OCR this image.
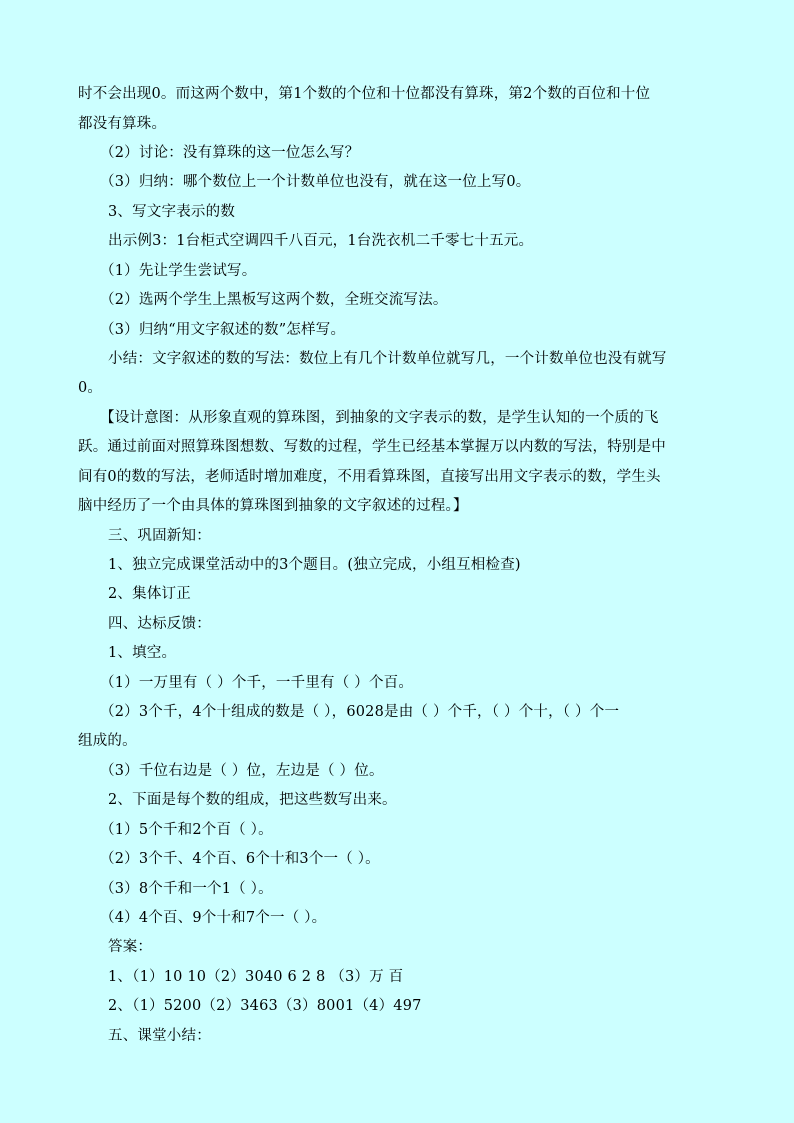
时不会出现0。而这两个数中，第1个数的个位和十位都没有算珠，第2个数的百位和十位
都没有算珠。
（2）讨论：没有算珠的这一位怎么写？
（3）归纳：哪个数位上一个计数单位也没有，就在这一位上写0。
3、写文字表示的数
出示例3：1台柜式空调四千八百元，1台洗衣机二千零七十五元。
（1）先让学生尝试写。
（2）选两个学生上黑板写这两个数，全班交流写法。
（3）归纳“用文字叙述的数”怎样写。
小结：文字叙述的数的写法：数位上有几个计数单位就写几，一个计数单位也没有就写
0。
【设计意图：从形象直观的算珠图，到抽象的文字表示的数，是学生认知的一个质的飞
跃。通过前面对照算珠图想数、写数的过程，学生已经基本掌握万以内数的写法，特别是中
间有0的数的写法，老师适时增加难度，不用看算珠图，直接写出用文字表示的数，学生头
脑中经历了一个由具体的算珠图到抽象的文字叙述的过程。】
三、巩固新知：
1、独立完成课堂活动中的3个题目。(独立完成，小组互相检查)
2、集体订正
四、达标反馈：
1、填空。
（1）一万里有（ ）个千，一千里有（ ）个百。
（2）3个千，4个十组成的数是（ ），6028是由（ ）个千，（ ）个十，（ ）个一
组成的。
（3）千位右边是（ ）位，左边是（ ）位。
2、下面是每个数的组成，把这些数写出来。
（1）5个千和2个百（ ）。
（2）3个千、4个百、6个十和3个一（ ）。
（3）8个千和一个1（ ）。
（4）4个百、9个十和7个一（ ）。
答案：
1、（1）10 10（2）3040 6 2 8 （3）万 百
2、（1）5200（2）3463（3）8001（4）497
五、课堂小结：
